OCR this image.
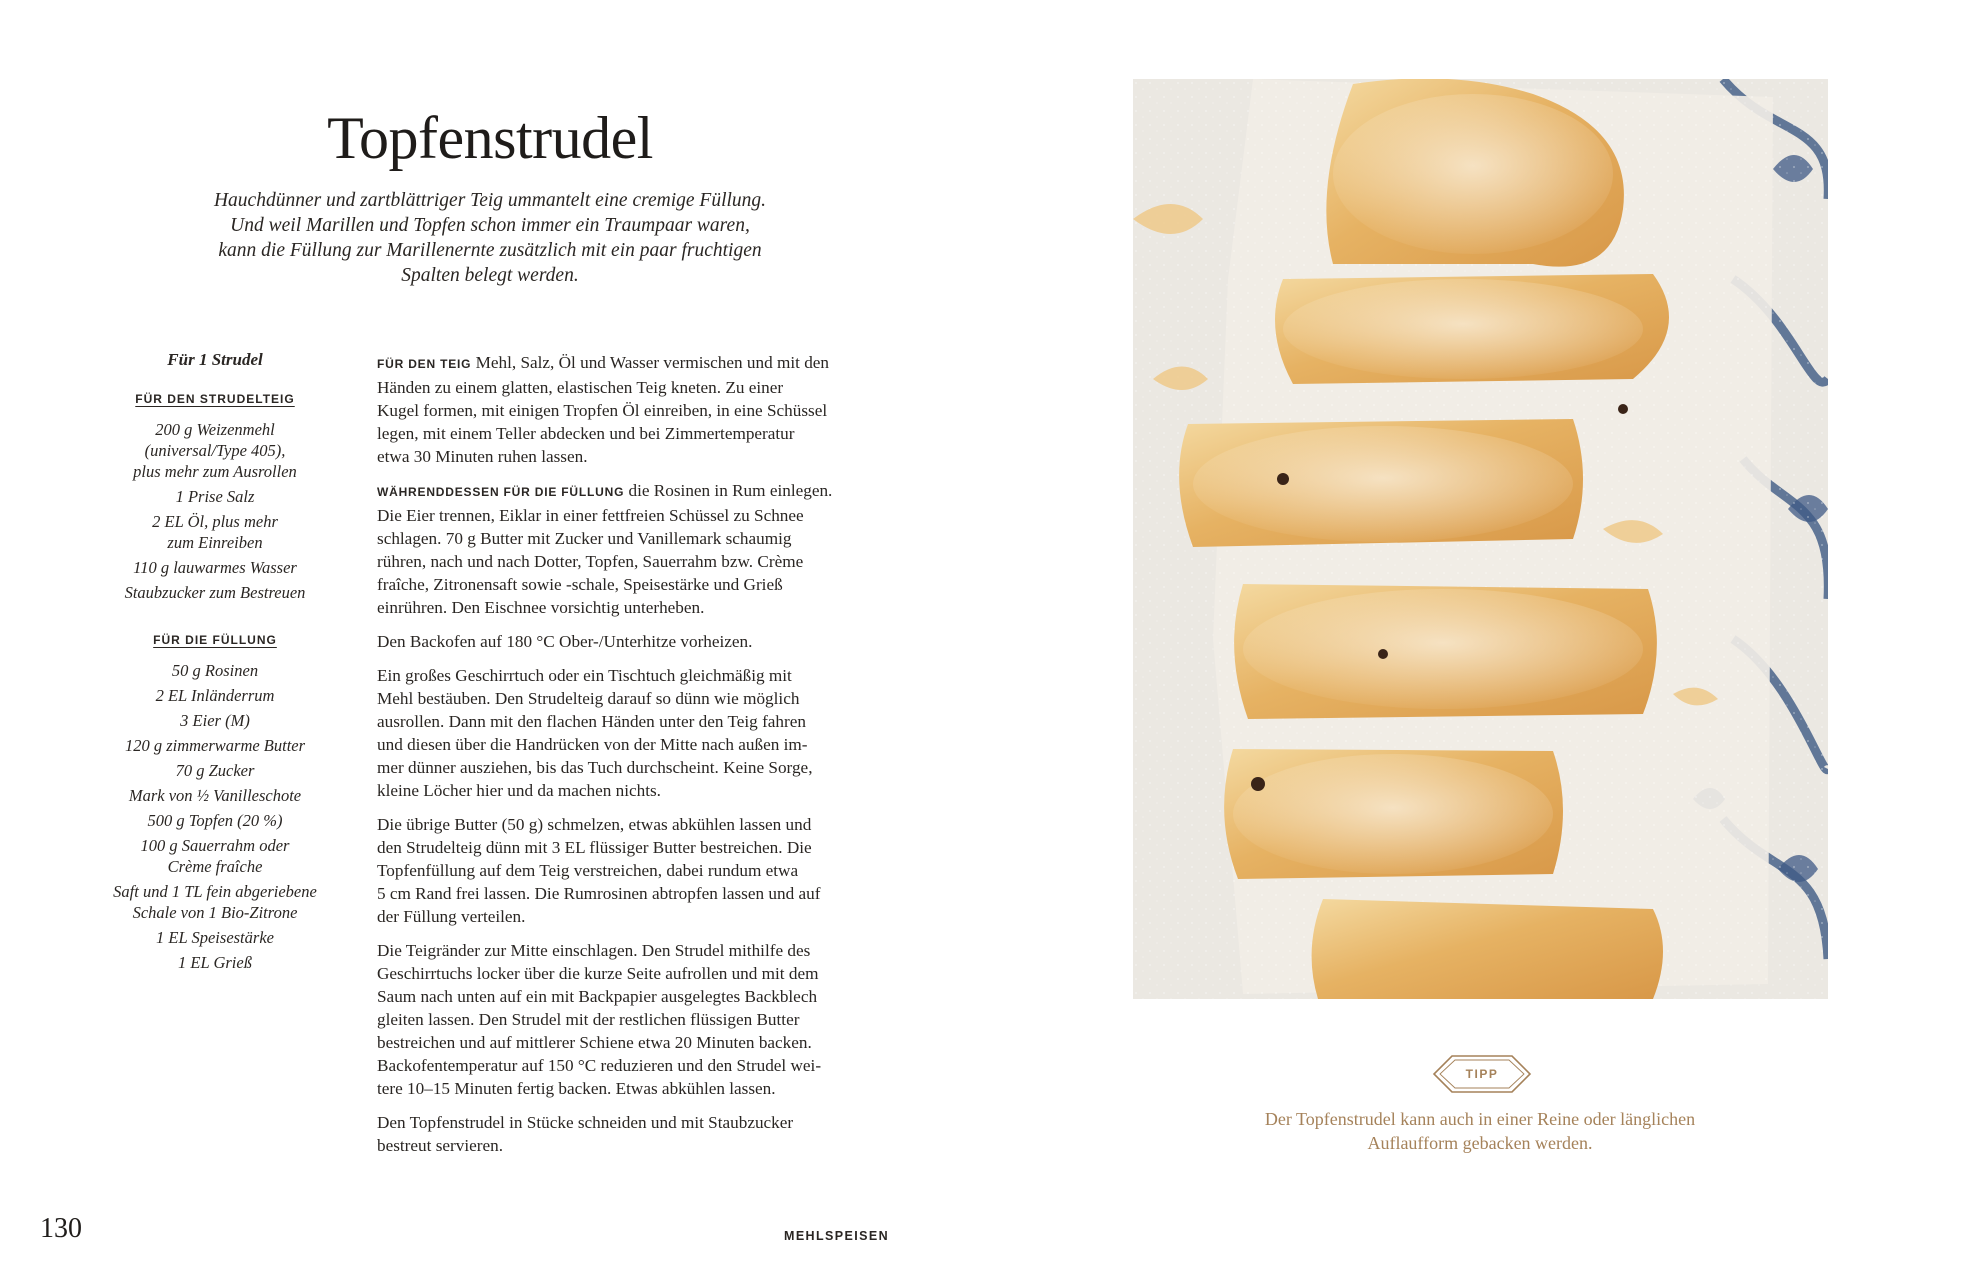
Topfenstrudel
Hauchdünner und zartblättriger Teig ummantelt eine cremige Füllung.
Und weil Marillen und Topfen schon immer ein Traumpaar waren,
kann die Füllung zur Marillenernte zusätzlich mit ein paar fruchtigen
Spalten belegt werden.
Für 1 Strudel
FÜR DEN STRUDELTEIG
200 g Weizenmehl
(universal/Type 405),
plus mehr zum Ausrollen
1 Prise Salz
2 EL Öl, plus mehr
zum Einreiben
110 g lauwarmes Wasser
Staubzucker zum Bestreuen
FÜR DIE FÜLLUNG
50 g Rosinen
2 EL Inländerrum
3 Eier (M)
120 g zimmerwarme Butter
70 g Zucker
Mark von ½ Vanilleschote
500 g Topfen (20 %)
100 g Sauerrahm oder
Crème fraîche
Saft und 1 TL fein abgeriebene
Schale von 1 Bio-Zitrone
1 EL Speisestärke
1 EL Grieß

FÜR DEN TEIG Mehl, Salz, Öl und Wasser vermischen und mit den
Händen zu einem glatten, elastischen Teig kneten. Zu einer
Kugel formen, mit einigen Tropfen Öl einreiben, in eine Schüssel
legen, mit einem Teller abdecken und bei Zimmertemperatur
etwa 30 Minuten ruhen lassen.

WÄHRENDDESSEN FÜR DIE FÜLLUNG die Rosinen in Rum einlegen.
Die Eier trennen, Eiklar in einer fettfreien Schüssel zu Schnee
schlagen. 70 g Butter mit Zucker und Vanillemark schaumig
rühren, nach und nach Dotter, Topfen, Sauerrahm bzw. Crème
fraîche, Zitronensaft sowie -schale, Speisestärke und Grieß
einrühren. Den Eischnee vorsichtig unterheben.

Den Backofen auf 180 °C Ober-/Unterhitze vorheizen.

Ein großes Geschirrtuch oder ein Tischtuch gleichmäßig mit
Mehl bestäuben. Den Strudelteig darauf so dünn wie möglich
ausrollen. Dann mit den flachen Händen unter den Teig fahren
und diesen über die Handrücken von der Mitte nach außen im-
mer dünner ausziehen, bis das Tuch durchscheint. Keine Sorge,
kleine Löcher hier und da machen nichts.

Die übrige Butter (50 g) schmelzen, etwas abkühlen lassen und
den Strudelteig dünn mit 3 EL flüssiger Butter bestreichen. Die
Topfenfüllung auf dem Teig verstreichen, dabei rundum etwa
5 cm Rand frei lassen. Die Rumrosinen abtropfen lassen und auf
der Füllung verteilen.

Die Teigränder zur Mitte einschlagen. Den Strudel mithilfe des
Geschirrtuchs locker über die kurze Seite aufrollen und mit dem
Saum nach unten auf ein mit Backpapier ausgelegtes Backblech
gleiten lassen. Den Strudel mit der restlichen flüssigen Butter
bestreichen und auf mittlerer Schiene etwa 20 Minuten backen.
Backofentemperatur auf 150 °C reduzieren und den Strudel wei-
tere 10–15 Minuten fertig backen. Etwas abkühlen lassen.

Den Topfenstrudel in Stücke schneiden und mit Staubzucker
bestreut servieren.

130	MEHLSPEISEN
TIPP
Der Topfenstrudel kann auch in einer Reine oder länglichen
Auflaufform gebacken werden.
